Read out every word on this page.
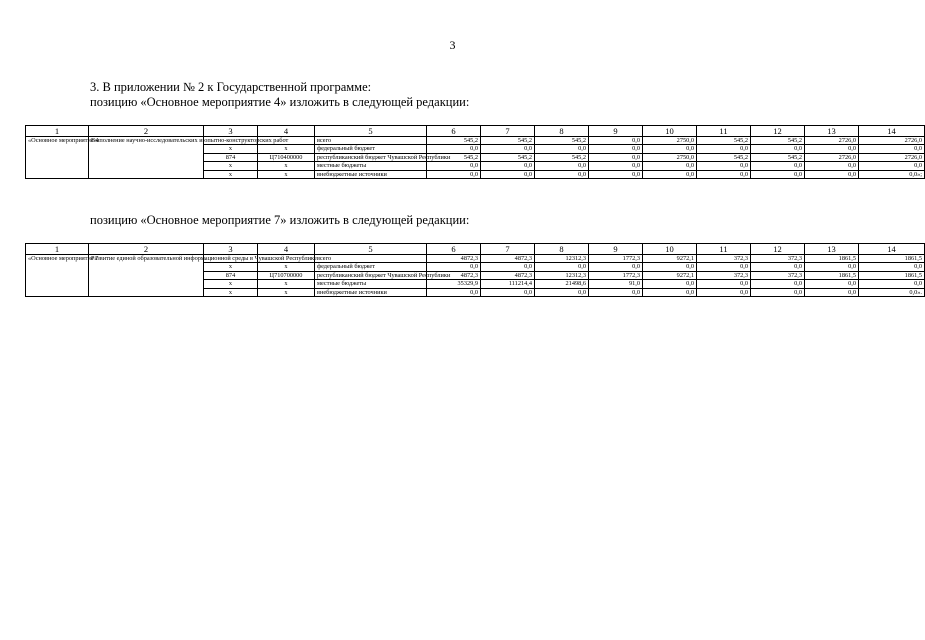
3
3. В приложении № 2 к Государственной программе:
позицию «Основное мероприятие 4» изложить в следующей редакции:
1	2	3	4	5	6	7	8	9	10	11	12	13	14
«Основное мероприятие 4	Выполнение научно-исследовательских и опытно-конструкторских работ			всего	545,2	545,2	545,2	0,0	2750,0	545,2	545,2	2726,0	2726,0
		x	x	федеральный бюджет	0,0	0,0	0,0	0,0	0,0	0,0	0,0	0,0	0,0
		874	Ц710400000	республиканский бюджет Чувашской Республики	545,2	545,2	545,2	0,0	2750,0	545,2	545,2	2726,0	2726,0
		x	x	местные бюджеты	0,0	0,0	0,0	0,0	0,0	0,0	0,0	0,0	0,0
		x	x	внебюджетные источники	0,0	0,0	0,0	0,0	0,0	0,0	0,0	0,0	0,0»;
позицию «Основное мероприятие 7» изложить в следующей редакции:
1	2	3	4	5	6	7	8	9	10	11	12	13	14
«Основное мероприятие 7	Развитие единой образовательной информационной среды в Чувашской Республике			всего	4872,3	4872,3	12312,3	1772,3	9272,1	372,3	372,3	1861,5	1861,5
		x	x	федеральный бюджет	0,0	0,0	0,0	0,0	0,0	0,0	0,0	0,0	0,0
		874	Ц710700000	республиканский бюджет Чувашской Республики	4872,3	4872,3	12312,3	1772,3	9272,1	372,3	372,3	1861,5	1861,5
		x	x	местные бюджеты	35329,9	111214,4	21498,6	91,0	0,0	0,0	0,0	0,0	0,0
		x	x	внебюджетные источники	0,0	0,0	0,0	0,0	0,0	0,0	0,0	0,0	0,0».
